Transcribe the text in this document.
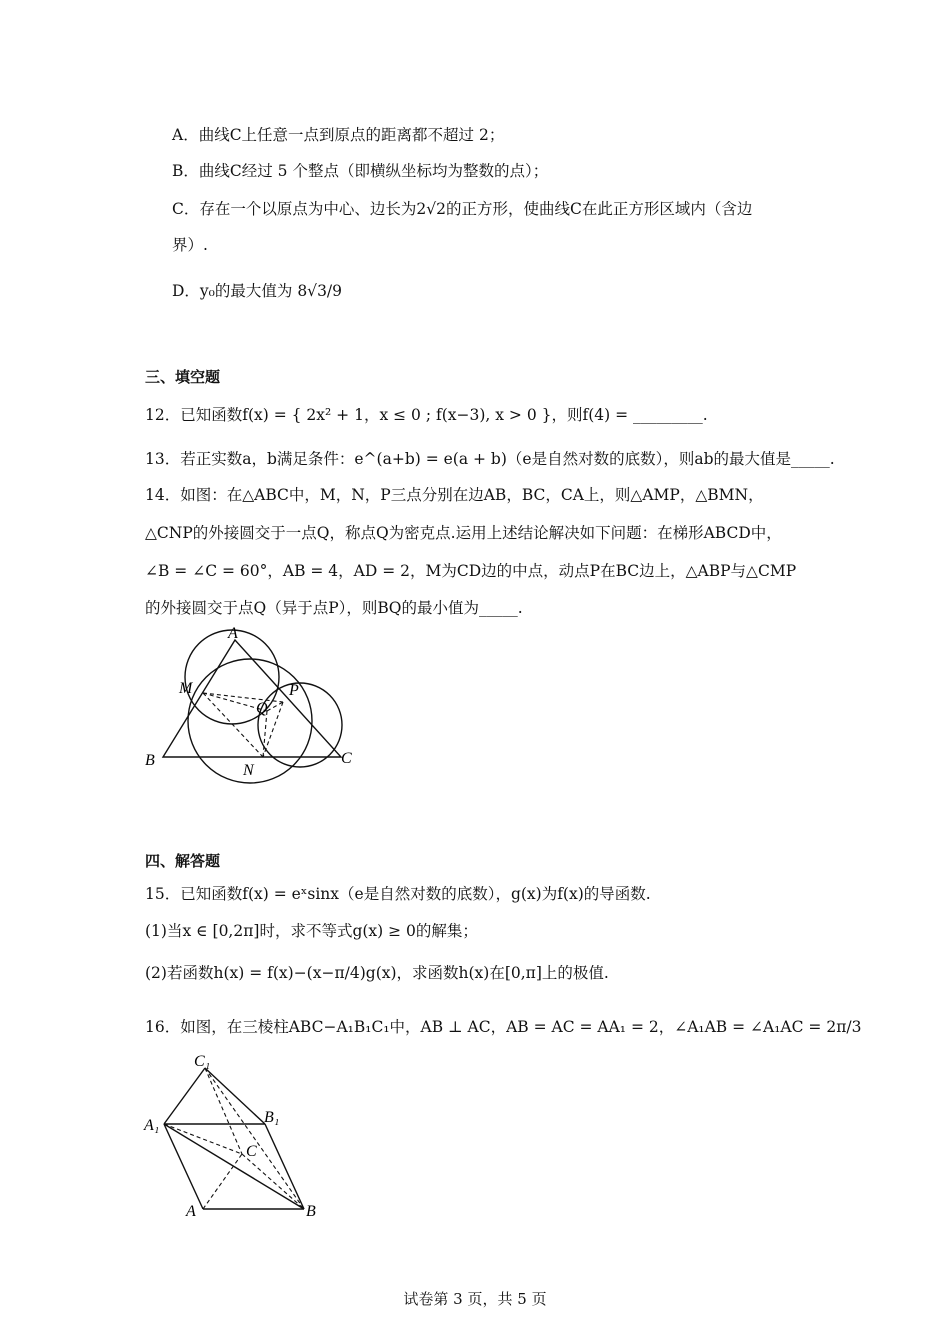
A．曲线C上任意一点到原点的距离都不超过 2；
B．曲线C经过 5 个整点（即横纵坐标均为整数的点）；
C．存在一个以原点为中心、边长为2√2的正方形，使曲线C在此正方形区域内（含边
界）.
D．y₀的最大值为 8√3/9
三、填空题
12．已知函数f(x) = { 2x² + 1，x ≤ 0 ; f(x−3), x > 0 }，则f(4) = _________.
13．若正实数a，b满足条件：e^(a+b) = e(a + b)（e是自然对数的底数），则ab的最大值是_____.
14．如图：在△ABC中，M，N，P三点分别在边AB，BC，CA上，则△AMP，△BMN，
△CNP的外接圆交于一点Q，称点Q为密克点.运用上述结论解决如下问题：在梯形ABCD中，
∠B = ∠C = 60°，AB = 4，AD = 2，M为CD边的中点，动点P在BC边上，△ABP与△CMP
的外接圆交于点Q（异于点P），则BQ的最小值为_____.
A
M	P
Q
B
N
C
四、解答题
15．已知函数f(x) = eˣsinx（e是自然对数的底数），g(x)为f(x)的导函数.
(1)当x ∈ [0,2π]时，求不等式g(x) ≥ 0的解集；
(2)若函数h(x) = f(x)−(x−π/4)g(x)，求函数h(x)在[0,π]上的极值.
16．如图，在三棱柱ABC−A₁B₁C₁中，AB ⊥ AC，AB = AC = AA₁ = 2，∠A₁AB = ∠A₁AC = 2π/3
C₁
B₁
A₁
C
A	B
试卷第 3 页，共 5 页
